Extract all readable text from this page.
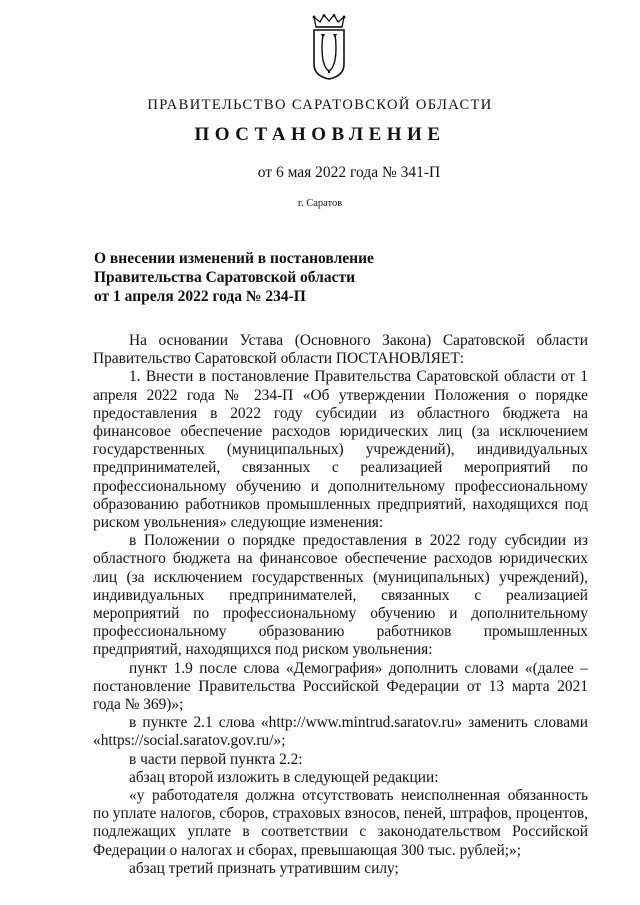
ПРАВИТЕЛЬСТВО САРАТОВСКОЙ ОБЛАСТИ
ПОСТАНОВЛЕНИЕ
от 6 мая 2022 года № 341-П
г. Саратов
О внесении изменений в постановление
Правительства Саратовской области
от 1 апреля 2022 года № 234-П

На основании Устава (Основного Закона) Саратовской области Правительство Саратовской области ПОСТАНОВЛЯЕТ:

1. Внести в постановление Правительства Саратовской области от 1 апреля 2022 года № 234-П «Об утверждении Положения о порядке предоставления в 2022 году субсидии из областного бюджета на финансовое обеспечение расходов юридических лиц (за исключением государственных (муниципальных) учреждений), индивидуальных предпринимателей, связанных с реализацией мероприятий по профессиональному обучению и дополнительному профессиональному образованию работников промышленных предприятий, находящихся под риском увольнения» следующие изменения:

в Положении о порядке предоставления в 2022 году субсидии из областного бюджета на финансовое обеспечение расходов юридических лиц (за исключением государственных (муниципальных) учреждений), индивидуальных предпринимателей, связанных с реализацией мероприятий по профессиональному обучению и дополнительному профессиональному образованию работников промышленных предприятий, находящихся под риском увольнения:

пункт 1.9 после слова «Демография» дополнить словами «(далее – постановление Правительства Российской Федерации от 13 марта 2021 года № 369)»;

в пункте 2.1 слова «http://www.mintrud.saratov.ru» заменить словами «https://social.saratov.gov.ru/»;

в части первой пункта 2.2:

абзац второй изложить в следующей редакции:

«у работодателя должна отсутствовать неисполненная обязанность по уплате налогов, сборов, страховых взносов, пеней, штрафов, процентов, подлежащих уплате в соответствии с законодательством Российской Федерации о налогах и сборах, превышающая 300 тыс. рублей;»;

абзац третий признать утратившим силу;
